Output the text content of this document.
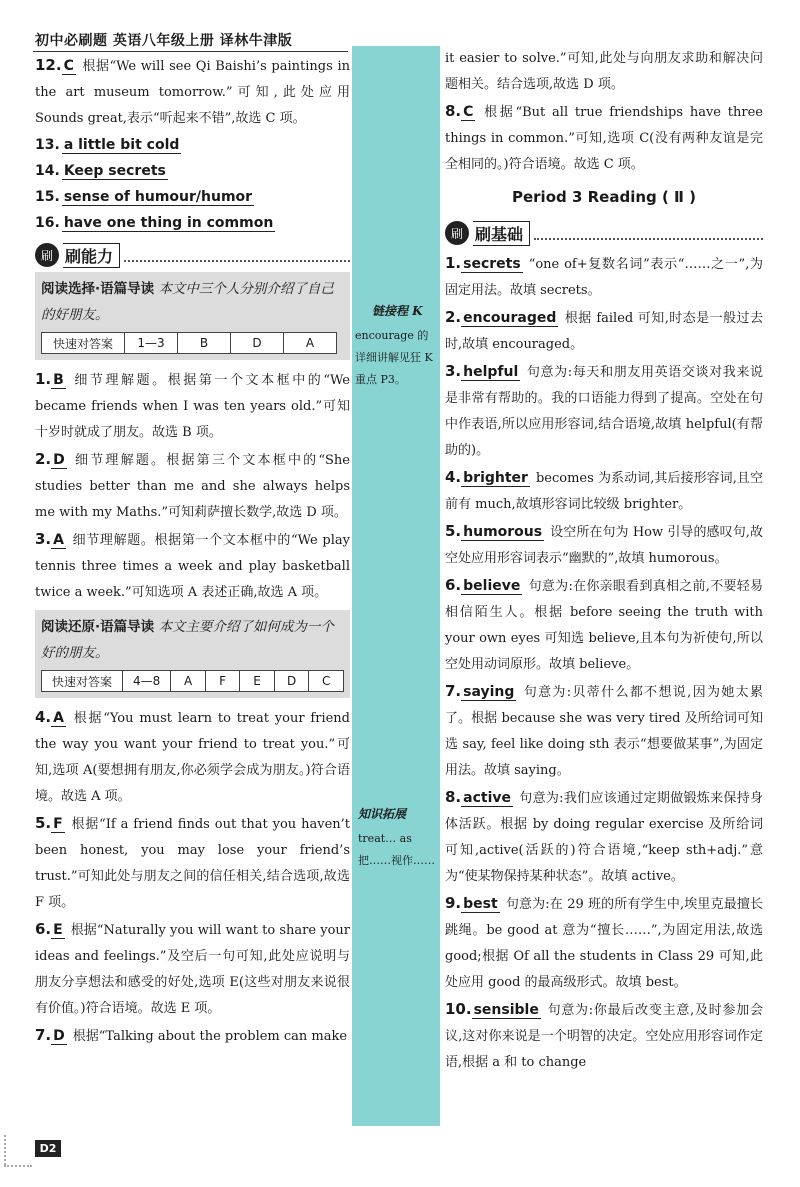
初中必刷题 英语八年级上册 译林牛津版
链接程 K
encourage 的详细讲解见狂 K 重点 P3。
知识拓展
treat… as 把……视作……

12. C 根据“We will see Qi Baishi’s paintings in the art museum tomorrow.”可知,此处应用 Sounds great,表示“听起来不错”,故选 C 项。

13. a little bit cold

14. Keep secrets

15. sense of humour/humor

16. have one thing in common

刷 刷能力
阅读选择·语篇导读 本文中三个人分别介绍了自己的好朋友。
快速对答案	1—3	B	D	A

1. B 细节理解题。根据第一个文本框中的“We became friends when I was ten years old.”可知十岁时就成了朋友。故选 B 项。

2. D 细节理解题。根据第三个文本框中的“She studies better than me and she always helps me with my Maths.”可知莉萨擅长数学,故选 D 项。

3. A 细节理解题。根据第一个文本框中的“We play tennis three times a week and play basketball twice a week.”可知选项 A 表述正确,故选 A 项。

阅读还原·语篇导读 本文主要介绍了如何成为一个好的朋友。
快速对答案	4—8	A	F	E	D	C

4. A 根据“You must learn to treat your friend the way you want your friend to treat you.”可知,选项 A(要想拥有朋友,你必须学会成为朋友。)符合语境。故选 A 项。

5. F 根据“If a friend finds out that you haven’t been honest, you may lose your friend’s trust.”可知此处与朋友之间的信任相关,结合选项,故选 F 项。

6. E 根据“Naturally you will want to share your ideas and feelings.”及空后一句可知,此处应说明与朋友分享想法和感受的好处,选项 E(这些对朋友来说很有价值。)符合语境。故选 E 项。

7. D 根据“Talking about the problem can make

it easier to solve.”可知,此处与向朋友求助和解决问题相关。结合选项,故选 D 项。

8. C 根据“But all true friendships have three things in common.”可知,选项 C(没有两种友谊是完全相同的。)符合语境。故选 C 项。

Period 3 Reading ( Ⅱ )
刷 刷基础

1. secrets “one of+复数名词”表示“……之一”,为固定用法。故填 secrets。

2. encouraged 根据 failed 可知,时态是一般过去时,故填 encouraged。

3. helpful 句意为:每天和朋友用英语交谈对我来说是非常有帮助的。我的口语能力得到了提高。空处在句中作表语,所以应用形容词,结合语境,故填 helpful(有帮助的)。

4. brighter becomes 为系动词,其后接形容词,且空前有 much,故填形容词比较级 brighter。

5. humorous 设空所在句为 How 引导的感叹句,故空处应用形容词表示“幽默的”,故填 humorous。

6. believe 句意为:在你亲眼看到真相之前,不要轻易相信陌生人。根据 before seeing the truth with your own eyes 可知选 believe,且本句为祈使句,所以空处用动词原形。故填 believe。

7. saying 句意为:贝蒂什么都不想说,因为她太累了。根据 because she was very tired 及所给词可知选 say, feel like doing sth 表示“想要做某事”,为固定用法。故填 saying。

8. active 句意为:我们应该通过定期做锻炼来保持身体活跃。根据 by doing regular exercise 及所给词可知,active(活跃的)符合语境,“keep sth+adj.”意为“使某物保持某种状态”。故填 active。

9. best 句意为:在 29 班的所有学生中,埃里克最擅长跳绳。be good at 意为“擅长……”,为固定用法,故选 good;根据 Of all the students in Class 29 可知,此处应用 good 的最高级形式。故填 best。

10. sensible 句意为:你最后改变主意,及时参加会议,这对你来说是一个明智的决定。空处应用形容词作定语,根据 a 和 to change

D2
